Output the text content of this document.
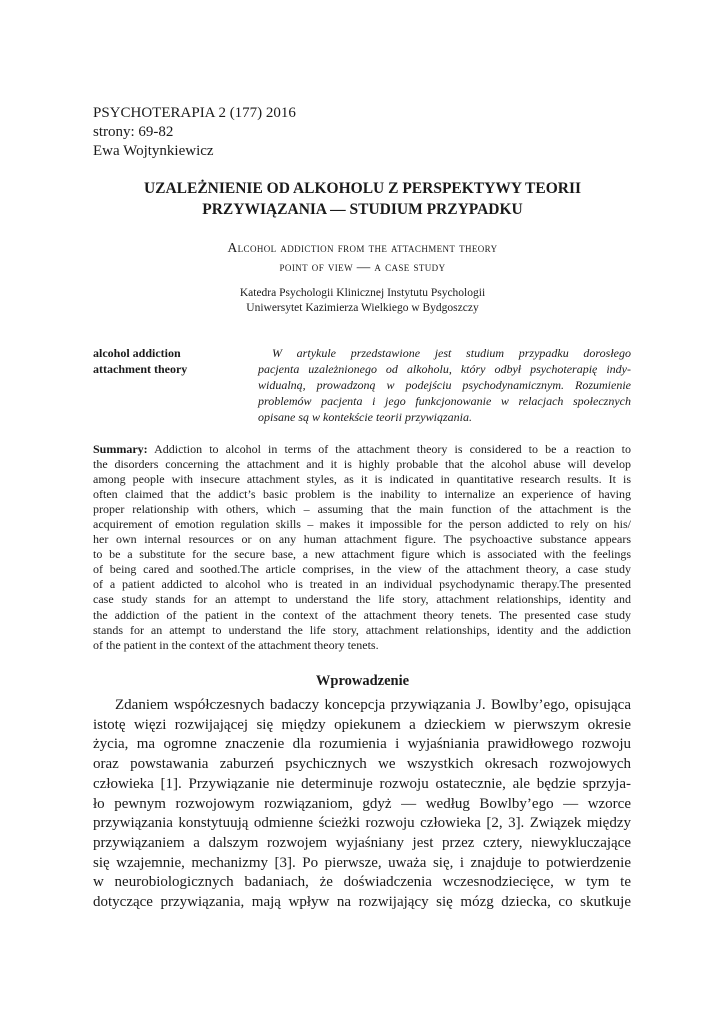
PSYCHOTERAPIA 2 (177) 2016
strony: 69-82
Ewa Wojtynkiewicz
UZALEŻNIENIE OD ALKOHOLU Z PERSPEKTYWY TEORII
PRZYWIĄZANIA — STUDIUM PRZYPADKU
Alcohol addiction from the attachment theory
point of view — a case study
Katedra Psychologii Klinicznej Instytutu Psychologii
Uniwersytet Kazimierza Wielkiego w Bydgoszczy
alcohol addiction
attachment theory
W artykule przedstawione jest studium przypadku dorosłego
pacjenta uzależnionego od alkoholu, który odbył psychoterapię indy-
widualną, prowadzoną w podejściu psychodynamicznym. Rozumienie
problemów pacjenta i jego funkcjonowanie w relacjach społecznych
opisane są w kontekście teorii przywiązania.
Summary: Addiction to alcohol in terms of the attachment theory is considered to be a reaction to
the disorders concerning the attachment and it is highly probable that the alcohol abuse will develop
among people with insecure attachment styles, as it is indicated in quantitative research results. It is
often claimed that the addict’s basic problem is the inability to internalize an experience of having
proper relationship with others, which – assuming that the main function of the attachment is the
acquirement of emotion regulation skills – makes it impossible for the person addicted to rely on his/
her own internal resources or on any human attachment figure. The psychoactive substance appears
to be a substitute for the secure base, a new attachment figure which is associated with the feelings
of being cared and soothed.The article comprises, in the view of the attachment theory, a case study
of a patient addicted to alcohol who is treated in an individual psychodynamic therapy.The presented
case study stands for an attempt to understand the life story, attachment relationships, identity and
the addiction of the patient in the context of the attachment theory tenets. The presented case study
stands for an attempt to understand the life story, attachment relationships, identity and the addiction
of the patient in the context of the attachment theory tenets.
Wprowadzenie
Zdaniem współczesnych badaczy koncepcja przywiązania J. Bowlby’ego, opisująca
istotę więzi rozwijającej się między opiekunem a dzieckiem w pierwszym okresie
życia, ma ogromne znaczenie dla rozumienia i wyjaśniania prawidłowego rozwoju
oraz powstawania zaburzeń psychicznych we wszystkich okresach rozwojowych
człowieka [1]. Przywiązanie nie determinuje rozwoju ostatecznie, ale będzie sprzyja-
ło pewnym rozwojowym rozwiązaniom, gdyż — według Bowlby’ego — wzorce
przywiązania konstytuują odmienne ścieżki rozwoju człowieka [2, 3]. Związek między
przywiązaniem a dalszym rozwojem wyjaśniany jest przez cztery, niewykluczające
się wzajemnie, mechanizmy [3]. Po pierwsze, uważa się, i znajduje to potwierdzenie
w neurobiologicznych badaniach, że doświadczenia wczesnodziecięce, w tym te
dotyczące przywiązania, mają wpływ na rozwijający się mózg dziecka, co skutkuje
